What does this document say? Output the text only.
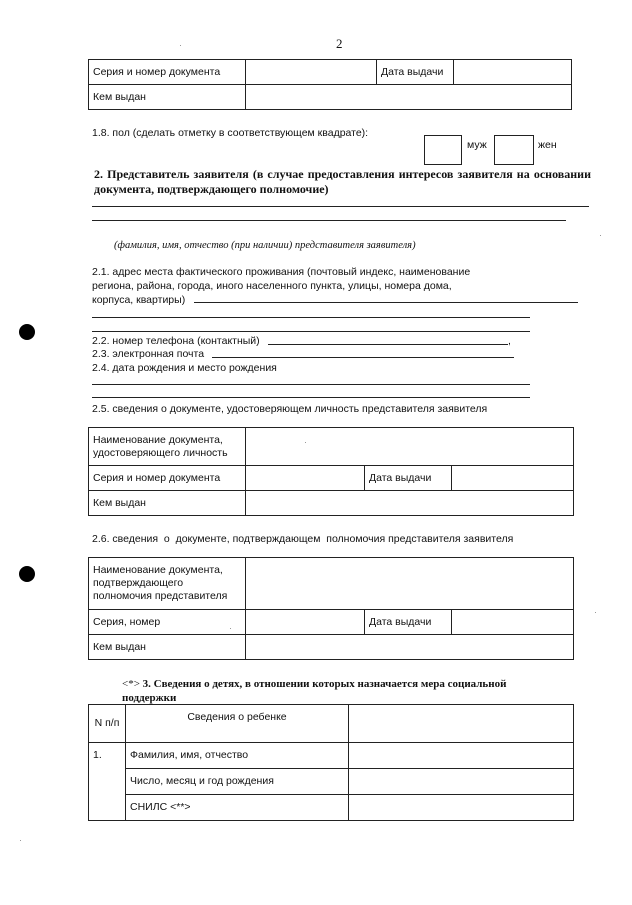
2
Серия и номер документа		Дата выдачи	
Кем выдан			
1.8. пол (сделать отметку в соответствующем квадрате):
муж	жен
2. Представитель заявителя (в случае предоставления интересов заявителя на основании документа, подтверждающего полномочие)
(фамилия, имя, отчество (при наличии) представителя заявителя)
2.1. адрес места фактического проживания (почтовый индекс, наименование
региона, района, города, иного населенного пункта, улицы, номера дома,
корпуса, квартиры)
2.2. номер телефона (контактный)	,
2.3. электронная почта
2.4. дата рождения и место рождения
2.5. сведения о документе, удостоверяющем личность представителя заявителя
Наименование документа, удостоверяющего личность			
Серия и номер документа		Дата выдачи	
Кем выдан			
2.6. сведения  о  документе, подтверждающем  полномочия представителя заявителя
Наименование документа, подтверждающего полномочия представителя			
Серия, номер		Дата выдачи	
Кем выдан			
<*> 3. Сведения о детях, в отношении которых назначается мера социальной поддержки
N п/п	Сведения о ребенке	
1.	Фамилия, имя, отчество	
	Число, месяц и год рождения	
	СНИЛС <**>	
